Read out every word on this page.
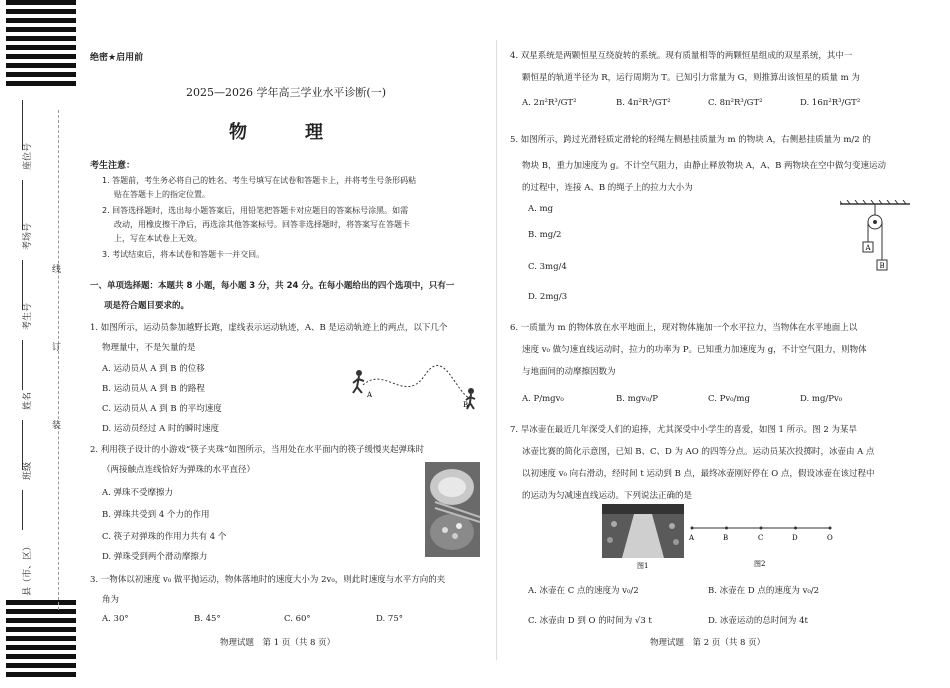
座位号
考场号
考生号
姓名
班级
县（市、区）
线
订
装
绝密★启用前
2025—2026 学年高三学业水平诊断(一)
物　理
考生注意：
1. 答题前，考生务必将自己的姓名、考生号填写在试卷和答题卡上，并将考生号条形码粘
贴在答题卡上的指定位置。
2. 回答选择题时，选出每小题答案后，用铅笔把答题卡对应题目的答案标号涂黑。如需
改动，用橡皮擦干净后，再选涂其他答案标号。回答非选择题时，将答案写在答题卡
上，写在本试卷上无效。
3. 考试结束后，将本试卷和答题卡一并交回。
一、单项选择题：本题共 8 小题，每小题 3 分，共 24 分。在每小题给出的四个选项中，只有一
项是符合题目要求的。
1. 如图所示，运动员参加越野长跑，虚线表示运动轨迹，A、B 是运动轨迹上的两点，以下几个
物理量中，不是矢量的是
A. 运动员从 A 到 B 的位移
B. 运动员从 A 到 B 的路程
C. 运动员从 A 到 B 的平均速度
D. 运动员经过 A 时的瞬时速度
A
B
2. 利用筷子设计的小游戏“筷子夹珠”如图所示，当用处在水平面内的筷子缓慢夹起弹珠时
（两接触点连线恰好为弹珠的水平直径）
A. 弹珠不受摩擦力
B. 弹珠共受到 4 个力的作用
C. 筷子对弹珠的作用力共有 4 个
D. 弹珠受到两个滑动摩擦力
3. 一物体以初速度 v₀ 做平抛运动，物体落地时的速度大小为 2v₀，则此时速度与水平方向的夹
角为
A. 30°	B. 45°	C. 60°	D. 75°
物理试题　第 1 页（共 8 页）
4. 双星系统是两颗恒星互绕旋转的系统。现有质量相等的两颗恒星组成的双星系统，其中一
颗恒星的轨道半径为 R，运行周期为 T。已知引力常量为 G，则推算出该恒星的质量 m 为
A. 2π²R³/GT²	B. 4π²R³/GT²	C. 8π²R³/GT²	D. 16π²R³/GT²
5. 如图所示，跨过光滑轻质定滑轮的轻绳左侧悬挂质量为 m 的物块 A，右侧悬挂质量为 m/2 的
物块 B，重力加速度为 g。不计空气阻力，由静止释放物块 A，A、B 两物块在空中做匀变速运动
的过程中，连接 A、B 的绳子上的拉力大小为
A. mg
B. mg/2
C. 3mg/4
D. 2mg/3
A
B
6. 一质量为 m 的物体放在水平地面上，现对物体施加一个水平拉力，当物体在水平地面上以
速度 v₀ 做匀速直线运动时，拉力的功率为 P。已知重力加速度为 g，不计空气阻力，则物体
与地面间的动摩擦因数为
A. P/mgv₀	B. mgv₀/P	C. Pv₀/mg	D. mg/Pv₀
7. 旱冰壶在最近几年深受人们的追捧，尤其深受中小学生的喜爱，如图 1 所示。图 2 为某旱
冰壶比赛的简化示意图，已知 B、C、D 为 AO 的四等分点。运动员某次投掷时，冰壶由 A 点
以初速度 v₀ 向右滑动，经时间 t 运动到 B 点，最终冰壶刚好停在 O 点，假设冰壶在该过程中
的运动为匀减速直线运动。下列说法正确的是
图1
A	B	C	D	O
图2
A. 冰壶在 C 点的速度为 v₀/2	B. 冰壶在 D 点的速度为 v₀/2
C. 冰壶由 D 到 O 的时间为 √3 t	D. 冰壶运动的总时间为 4t
物理试题　第 2 页（共 8 页）
